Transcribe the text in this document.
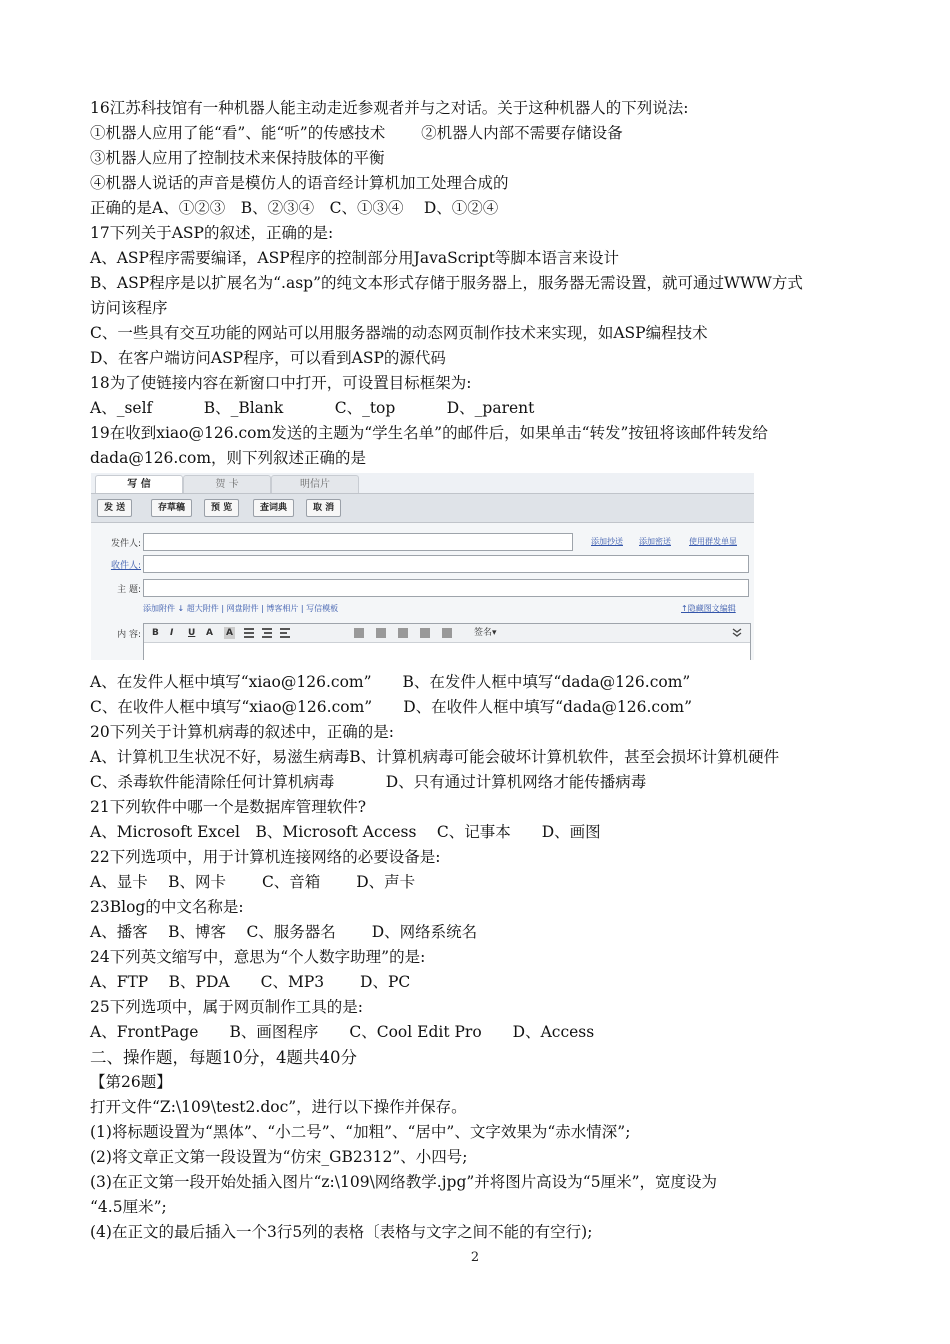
16江苏科技馆有一种机器人能主动走近参观者并与之对话。关于这种机器人的下列说法:
①机器人应用了能“看”、能“听”的传感技术　　 ②机器人内部不需要存储设备
③机器人应用了控制技术来保持肢体的平衡
④机器人说话的声音是模仿人的语音经计算机加工处理合成的
正确的是A、①②③　B、②③④　C、①③④　 D、①②④
17下列关于ASP的叙述，正确的是:
A、ASP程序需要编译，ASP程序的控制部分用JavaScript等脚本语言来设计
B、ASP程序是以扩展名为“.asp”的纯文本形式存储于服务器上，服务器无需设置，就可通过WWW方式
访问该程序
C、一些具有交互功能的网站可以用服务器端的动态网页制作技术来实现，如ASP编程技术
D、在客户端访问ASP程序，可以看到ASP的源代码
18为了使链接内容在新窗口中打开，可设置目标框架为:
A、_self　　　 B、_Blank　　　 C、_top　　　 D、_parent
19在收到xiao@126.com发送的主题为“学生名单”的邮件后，如果单击“转发”按钮将该邮件转发给
dada@126.com，则下列叙述正确的是
写 信	贺 卡	明信片
发 送	存草稿	预 览	查词典	取 消
发件人:	添加抄送 添加密送 使用群发单显
收件人:
主 题:
添加附件 ↓ 超大附件 | 网盘附件 | 博客相片 | 写信模板	↑隐藏图文编辑
内 容: B I U A A	签名▾
A、在发件人框中填写“xiao@126.com”　　B、在发件人框中填写“dada@126.com”
C、在收件人框中填写“xiao@126.com”　　D、在收件人框中填写“dada@126.com”
20下列关于计算机病毒的叙述中，正确的是:
A、计算机卫生状况不好，易滋生病毒B、计算机病毒可能会破坏计算机软件，甚至会损坏计算机硬件
C、杀毒软件能清除任何计算机病毒　　　 D、只有通过计算机网络才能传播病毒
21下列软件中哪一个是数据库管理软件?
A、Microsoft Excel　B、Microsoft Access　 C、记事本　　D、画图
22下列选项中，用于计算机连接网络的必要设备是:
A、显卡　 B、网卡　　 C、音箱　　 D、声卡
23Blog的中文名称是:
A、播客　 B、博客　 C、服务器名　　 D、网络系统名
24下列英文缩写中，意思为“个人数字助理”的是:
A、FTP　 B、PDA　　C、MP3　　 D、PC
25下列选项中，属于网页制作工具的是:
A、FrontPage　　B、画图程序　　C、Cool Edit Pro　　D、Access
二、操作题，每题10分，4题共40分
【第26题】
打开文件“Z:\109\test2.doc”，进行以下操作并保存。
(1)将标题设置为“黑体”、“小二号”、“加粗”、“居中”、文字效果为“赤水情深”;
(2)将文章正文第一段设置为“仿宋_GB2312”、小四号;
(3)在正文第一段开始处插入图片“z:\109\网络教学.jpg”并将图片高设为“5厘米”，宽度设为
“4.5厘米”;
(4)在正文的最后插入一个3行5列的表格〔表格与文字之间不能的有空行);
2
